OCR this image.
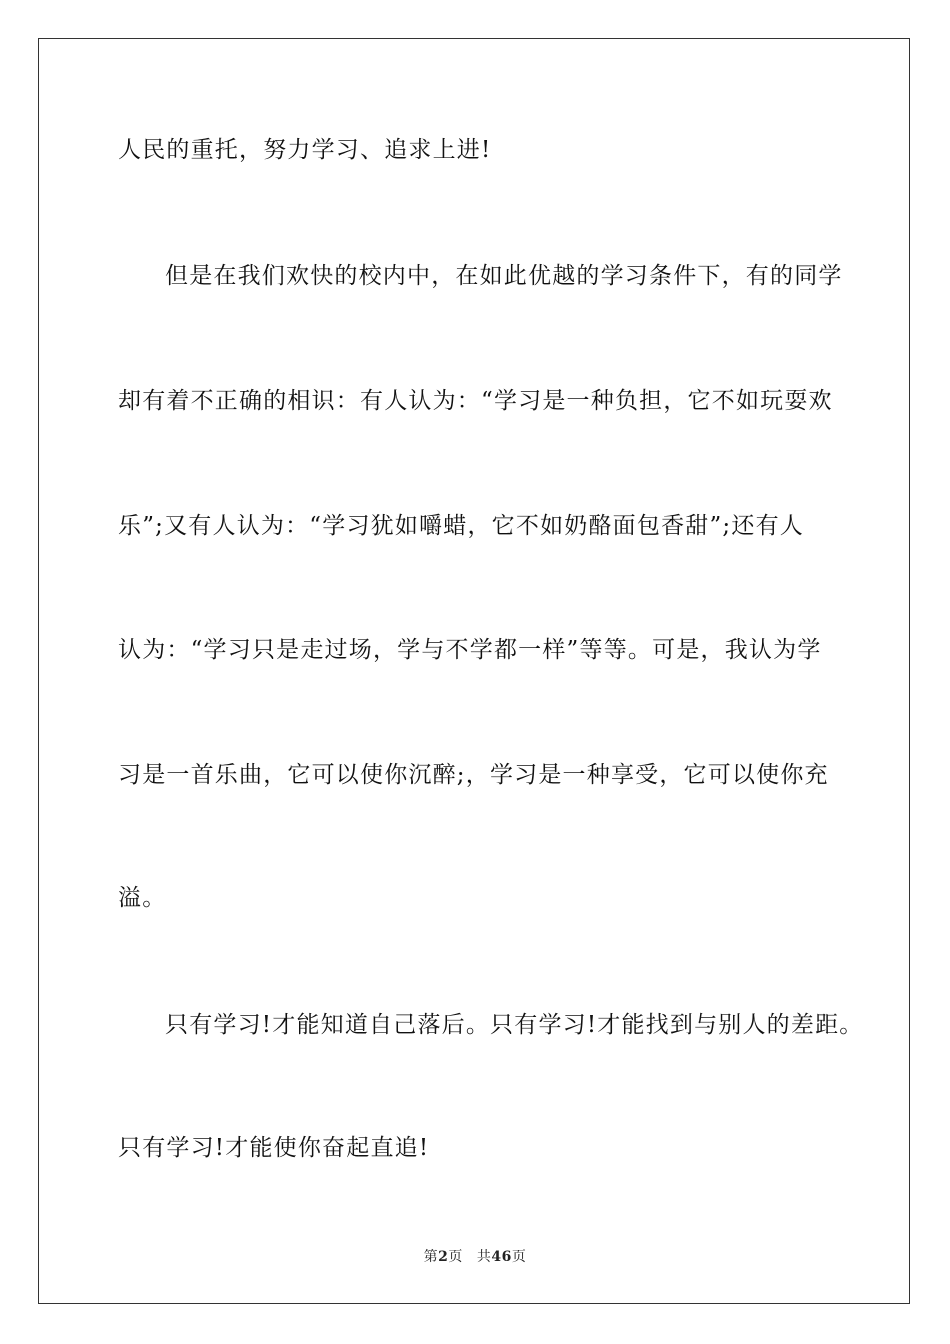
人民的重托，努力学习、追求上进!
但是在我们欢快的校内中，在如此优越的学习条件下，有的同学
却有着不正确的相识：有人认为：“学习是一种负担，它不如玩耍欢
乐”;又有人认为：“学习犹如嚼蜡，它不如奶酪面包香甜”;还有人
认为：“学习只是走过场，学与不学都一样”等等。可是，我认为学
习是一首乐曲，它可以使你沉醉;，学习是一种享受，它可以使你充
溢。
只有学习!才能知道自己落后。只有学习!才能找到与别人的差距。
只有学习!才能使你奋起直追!
第2页 共46页
